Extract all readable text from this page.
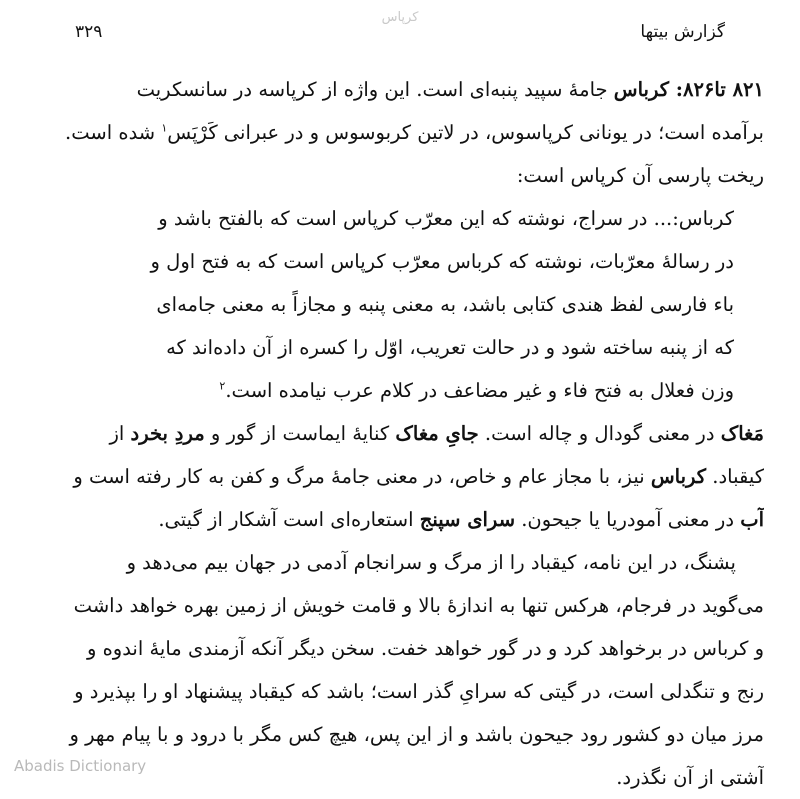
کرپاس
گزارش بیتها
۳۲۹
۸۲۱ تا۸۲۶: کرباس جامهٔ سپید پنبه‌ای است. این واژه از کرپاسه در سانسکریت
برآمده است؛ در یونانی کرپاسوس، در لاتین کربوسوس و در عبرانی کَرْپَس$^۱$ شده است.
ریخت پارسی آن کرپاس است:
کرباس:... در سراج، نوشته که این معرّب کرپاس است که بالفتح باشد و
در رسالهٔ معرّبات، نوشته که کرباس معرّب کرپاس است که به فتح اول و
باء فارسی لفظ هندی کتابی باشد، به معنی پنبه و مجازاً به معنی جامه‌ای
که از پنبه ساخته شود و در حالت تعریب، اوّل را کسره از آن داده‌اند که
وزن فعلال به فتح فاء و غیر مضاعف در کلام عرب نیامده است.$^۲$
مَغاک در معنی گودال و چاله است. جایِ مغاک کنایهٔ ایماست از گور و مردِ بخرد از
کیقباد. کرباس نیز، با مجاز عام و خاص، در معنی جامهٔ مرگ و کفن به کار رفته است و
آب در معنی آمودریا یا جیحون. سرای سپنج استعاره‌ای است آشکار از گیتی.
پشنگ، در این نامه، کیقباد را از مرگ و سرانجام آدمی در جهان بیم می‌دهد و
می‌گوید در فرجام، هرکس تنها به اندازهٔ بالا و قامت خویش از زمین بهره خواهد داشت
و کرباس در برخواهد کرد و در گور خواهد خفت. سخن دیگر آنکه آزمندی مایهٔ اندوه و
رنج و تنگدلی است، در گیتی که سرایِ گذر است؛ باشد که کیقباد پیشنهاد او را بپذیرد و
مرز میان دو کشور رود جیحون باشد و از این پس، هیچ کس مگر با درود و با پیام مهر و
آشتی از آن نگذرد.
Abadis Dictionary
